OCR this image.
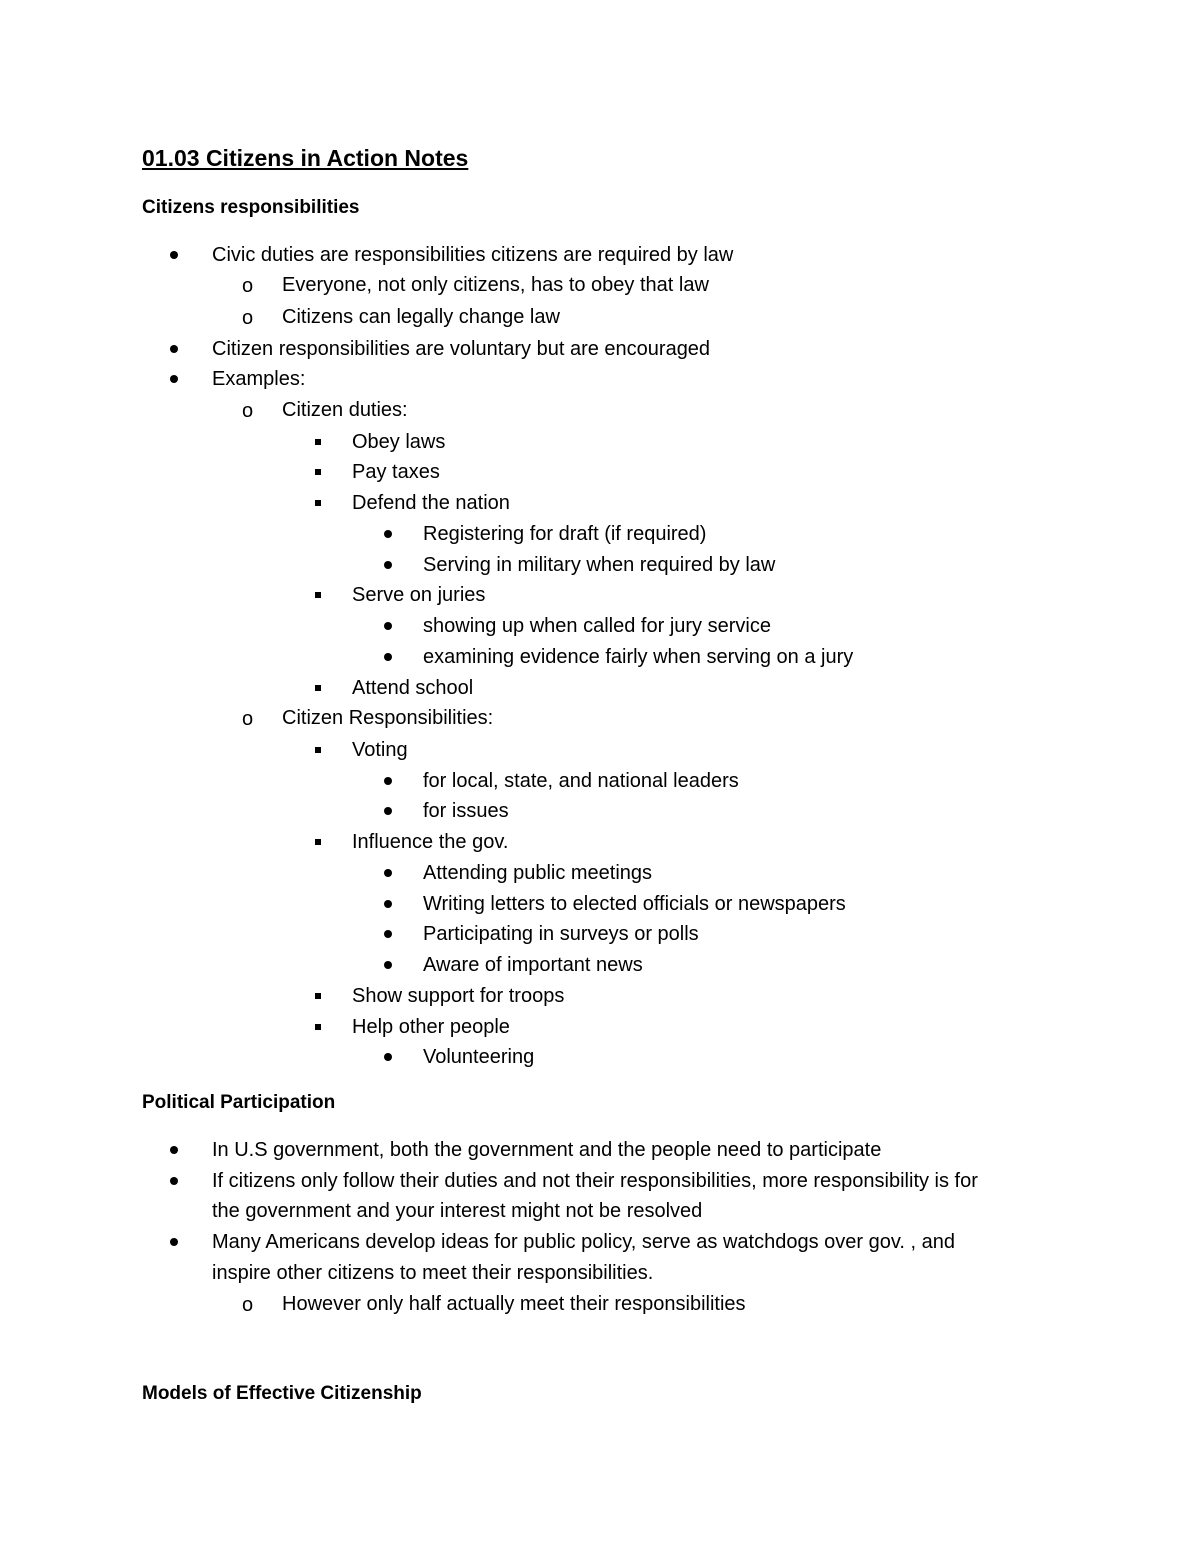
01.03 Citizens in Action Notes
Citizens responsibilities
Civic duties are responsibilities citizens are required by law
o Everyone, not only citizens, has to obey that law
o Citizens can legally change law
Citizen responsibilities are voluntary but are encouraged
Examples:
o Citizen duties:
Obey laws
Pay taxes
Defend the nation
Registering for draft (if required)
Serving in military when required by law
Serve on juries
showing up when called for jury service
examining evidence fairly when serving on a jury
Attend school
o Citizen Responsibilities:
Voting
for local, state, and national leaders
for issues
Influence the gov.
Attending public meetings
Writing letters to elected officials or newspapers
Participating in surveys or polls
Aware of important news
Show support for troops
Help other people
Volunteering
Political Participation
In U.S government, both the government and the people need to participate
If citizens only follow their duties and not their responsibilities, more responsibility is for
the government and your interest might not be resolved
Many Americans develop ideas for public policy, serve as watchdogs over gov. , and
inspire other citizens to meet their responsibilities.
o However only half actually meet their responsibilities
Models of Effective Citizenship
